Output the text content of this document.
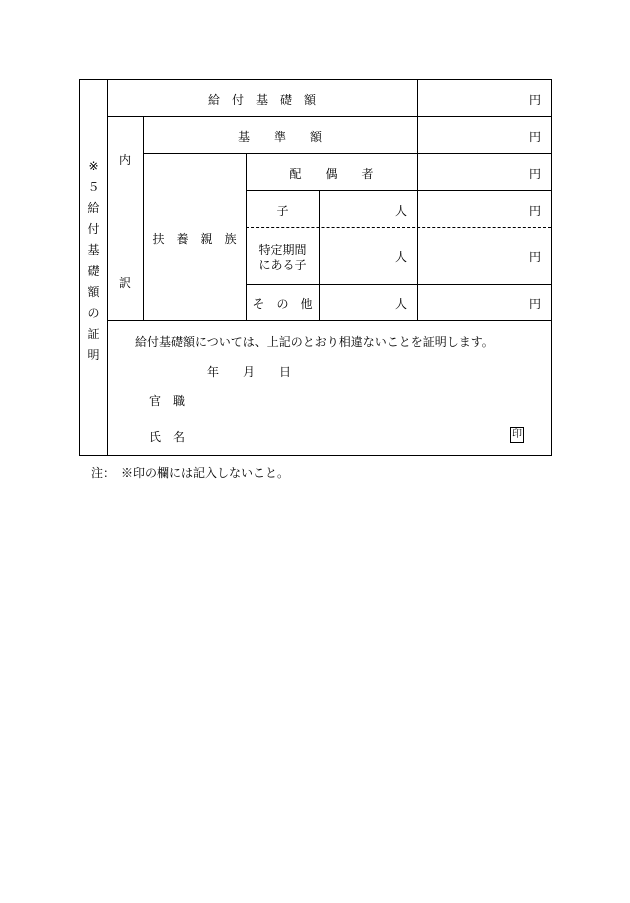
※
５
給
付
基
礎
額
の
証
明
給　付　基　礎　額	円
内
訳
基　　準　　額	円
扶　養　親　族
配　　偶　　者	円
子	人	円
特定期間
にある子
人	円
そ　の　他	人	円
給付基礎額については、上記のとおり相違ないことを証明します。
年　　月　　日
官　職
氏　名	印
注：　※印の欄には記入しないこと。
